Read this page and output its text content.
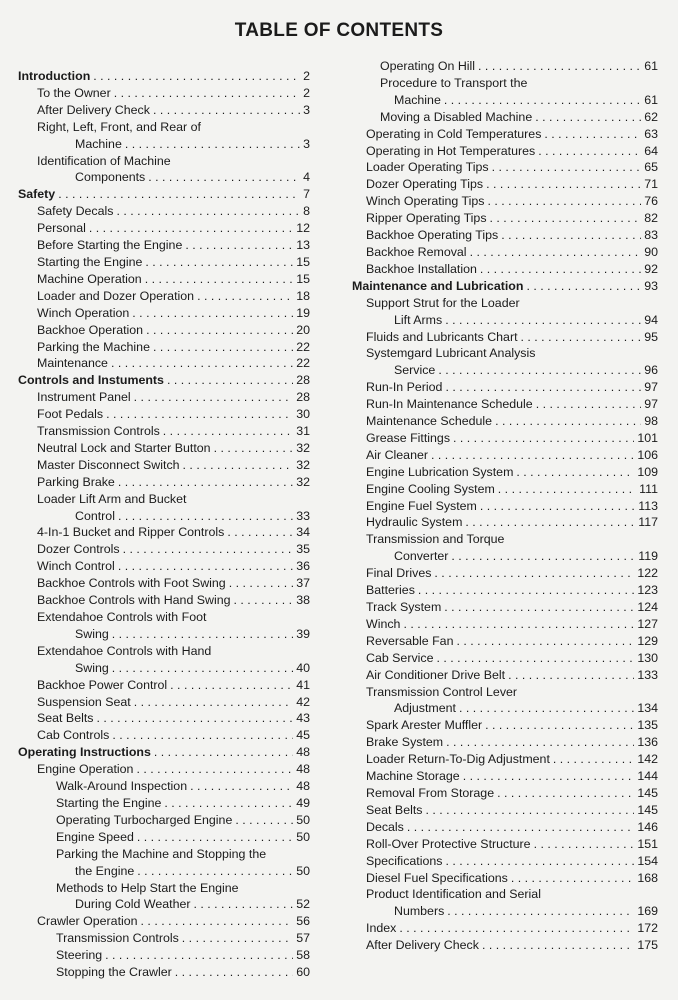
TABLE OF CONTENTS
Introduction . . .	2
To the Owner . . .	2
After Delivery Check . . .	3
Right, Left, Front, and Rear of
Machine . . .	3
Identification of Machine
Components . . .	4
Safety . . .	7
Safety Decals . . .	8
Personal . . .	12
Before Starting the Engine . . .	13
Starting the Engine . . .	15
Machine Operation . . .	15
Loader and Dozer Operation . . .	18
Winch Operation . . .	19
Backhoe Operation . . .	20
Parking the Machine . . .	22
Maintenance . . .	22
Controls and Instuments . . .	28
Instrument Panel . . .	28
Foot Pedals . . .	30
Transmission Controls . . .	31
Neutral Lock and Starter Button . . .	32
Master Disconnect Switch . . .	32
Parking Brake . . .	32
Loader Lift Arm and Bucket
Control . . .	33
4-In-1 Bucket and Ripper Controls . . .	34
Dozer Controls . . .	35
Winch Control . . .	36
Backhoe Controls with Foot Swing . . .	37
Backhoe Controls with Hand Swing . . .	38
Extendahoe Controls with Foot
Swing . . .	39
Extendahoe Controls with Hand
Swing . . .	40
Backhoe Power Control . . .	41
Suspension Seat . . .	42
Seat Belts . . .	43
Cab Controls . . .	45
Operating Instructions . . .	48
Engine Operation . . .	48
Walk-Around Inspection . . .	48
Starting the Engine . . .	49
Operating Turbocharged Engine . . .	50
Engine Speed . . .	50
Parking the Machine and Stopping the
the Engine . . .	50
Methods to Help Start the Engine
During Cold Weather . . .	52
Crawler Operation . . .	56
Transmission Controls . . .	57
Steering . . .	58
Stopping the Crawler . . .	60
Operating On Hill . . .	61
Procedure to Transport the
Machine . . .	61
Moving a Disabled Machine . . .	62
Operating in Cold Temperatures . . .	63
Operating in Hot Temperatures . . .	64
Loader Operating Tips . . .	65
Dozer Operating Tips . . .	71
Winch Operating Tips . . .	76
Ripper Operating Tips . . .	82
Backhoe Operating Tips . . .	83
Backhoe Removal . . .	90
Backhoe Installation . . .	92
Maintenance and Lubrication . . .	93
Support Strut for the Loader
Lift Arms . . .	94
Fluids and Lubricants Chart . . .	95
Systemgard Lubricant Analysis
Service . . .	96
Run-In Period . . .	97
Run-In Maintenance Schedule . . .	97
Maintenance Schedule . . .	98
Grease Fittings . . .	101
Air Cleaner . . .	106
Engine Lubrication System . . .	109
Engine Cooling System . . .	111
Engine Fuel System . . .	113
Hydraulic System . . .	117
Transmission and Torque
Converter . . .	119
Final Drives . . .	122
Batteries . . .	123
Track System . . .	124
Winch . . .	127
Reversable Fan . . .	129
Cab Service . . .	130
Air Conditioner Drive Belt . . .	133
Transmission Control Lever
Adjustment . . .	134
Spark Arester Muffler . . .	135
Brake System . . .	136
Loader Return-To-Dig Adjustment . . .	142
Machine Storage . . .	144
Removal From Storage . . .	145
Seat Belts . . .	145
Decals . . .	146
Roll-Over Protective Structure . . .	151
Specifications . . .	154
Diesel Fuel Specifications . . .	168
Product Identification and Serial
Numbers . . .	169
Index . . .	172
After Delivery Check . . .	175
